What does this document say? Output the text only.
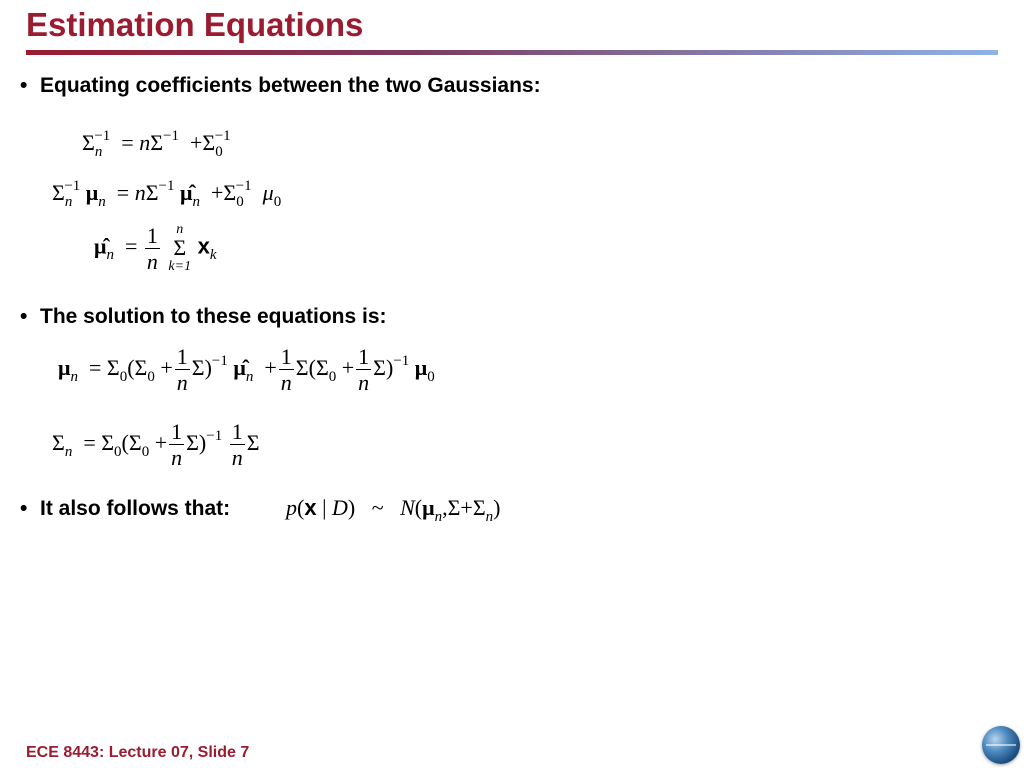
Estimation Equations
• Equating coefficients between the two Gaussians:
$\Sigma_n^{-1} = n\Sigma^{-1} +\Sigma_0^{-1}$
$\Sigma_n^{-1}$ $\mu_n = n\Sigma^{-1}$ $\mû_n +\Sigma_0^{-1}$ $\mu_0$
$\mû_n = \frac{1}{n}$
n
Σ
k=1
$x_k$
• The solution to these equations is:
$\mu_n = \Sigma_0(\Sigma_0 + \frac{1}{n} \Sigma)^{-1}$ $\mû_n + \frac{1}{n} \Sigma(\Sigma_0 + \frac{1}{n} \Sigma)^{-1}$ $\mu_0$
$\Sigma_n = \Sigma_0(\Sigma_0 + \frac{1}{n} \Sigma)^{-1} \frac{1}{n}$ Σ
• It also follows that:	p(x | D) ~ $N(\mu_n,\Sigma+\Sigma_n)$
ECE 8443: Lecture 07, Slide 7
